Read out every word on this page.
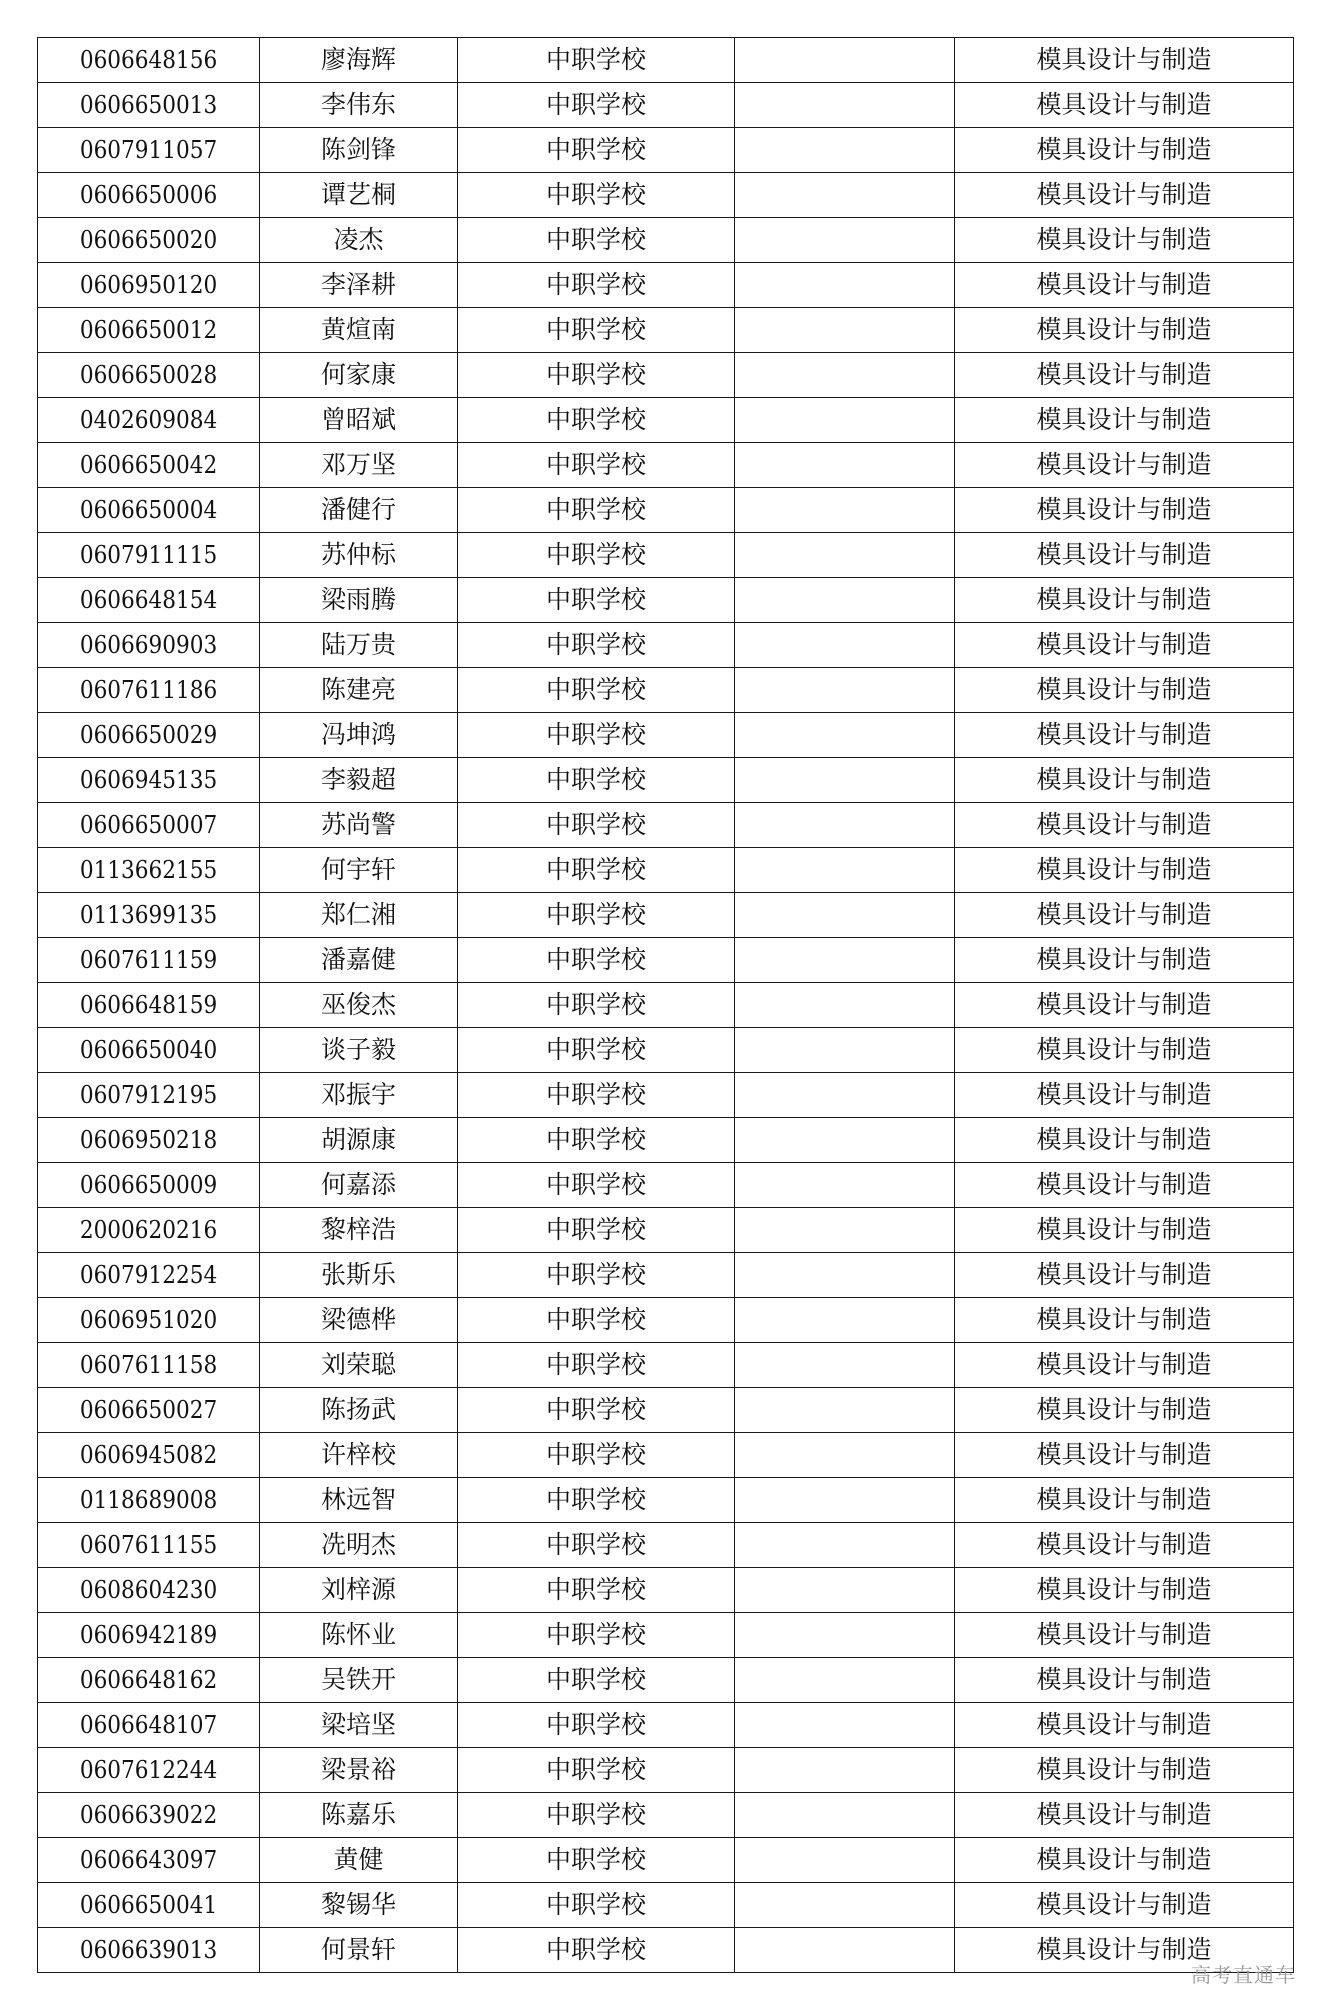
0606648156	廖海辉	中职学校		模具设计与制造
0606650013	李伟东	中职学校		模具设计与制造
0607911057	陈剑锋	中职学校		模具设计与制造
0606650006	谭艺桐	中职学校		模具设计与制造
0606650020	凌杰	中职学校		模具设计与制造
0606950120	李泽耕	中职学校		模具设计与制造
0606650012	黄煊南	中职学校		模具设计与制造
0606650028	何家康	中职学校		模具设计与制造
0402609084	曾昭斌	中职学校		模具设计与制造
0606650042	邓万坚	中职学校		模具设计与制造
0606650004	潘健行	中职学校		模具设计与制造
0607911115	苏仲标	中职学校		模具设计与制造
0606648154	梁雨腾	中职学校		模具设计与制造
0606690903	陆万贵	中职学校		模具设计与制造
0607611186	陈建亮	中职学校		模具设计与制造
0606650029	冯坤鸿	中职学校		模具设计与制造
0606945135	李毅超	中职学校		模具设计与制造
0606650007	苏尚警	中职学校		模具设计与制造
0113662155	何宇轩	中职学校		模具设计与制造
0113699135	郑仁湘	中职学校		模具设计与制造
0607611159	潘嘉健	中职学校		模具设计与制造
0606648159	巫俊杰	中职学校		模具设计与制造
0606650040	谈子毅	中职学校		模具设计与制造
0607912195	邓振宇	中职学校		模具设计与制造
0606950218	胡源康	中职学校		模具设计与制造
0606650009	何嘉添	中职学校		模具设计与制造
2000620216	黎梓浩	中职学校		模具设计与制造
0607912254	张斯乐	中职学校		模具设计与制造
0606951020	梁德桦	中职学校		模具设计与制造
0607611158	刘荣聪	中职学校		模具设计与制造
0606650027	陈扬武	中职学校		模具设计与制造
0606945082	许梓校	中职学校		模具设计与制造
0118689008	林远智	中职学校		模具设计与制造
0607611155	冼明杰	中职学校		模具设计与制造
0608604230	刘梓源	中职学校		模具设计与制造
0606942189	陈怀业	中职学校		模具设计与制造
0606648162	吴铁开	中职学校		模具设计与制造
0606648107	梁培坚	中职学校		模具设计与制造
0607612244	梁景裕	中职学校		模具设计与制造
0606639022	陈嘉乐	中职学校		模具设计与制造
0606643097	黄健	中职学校		模具设计与制造
0606650041	黎锡华	中职学校		模具设计与制造
0606639013	何景轩	中职学校		模具设计与制造
高考直通车
